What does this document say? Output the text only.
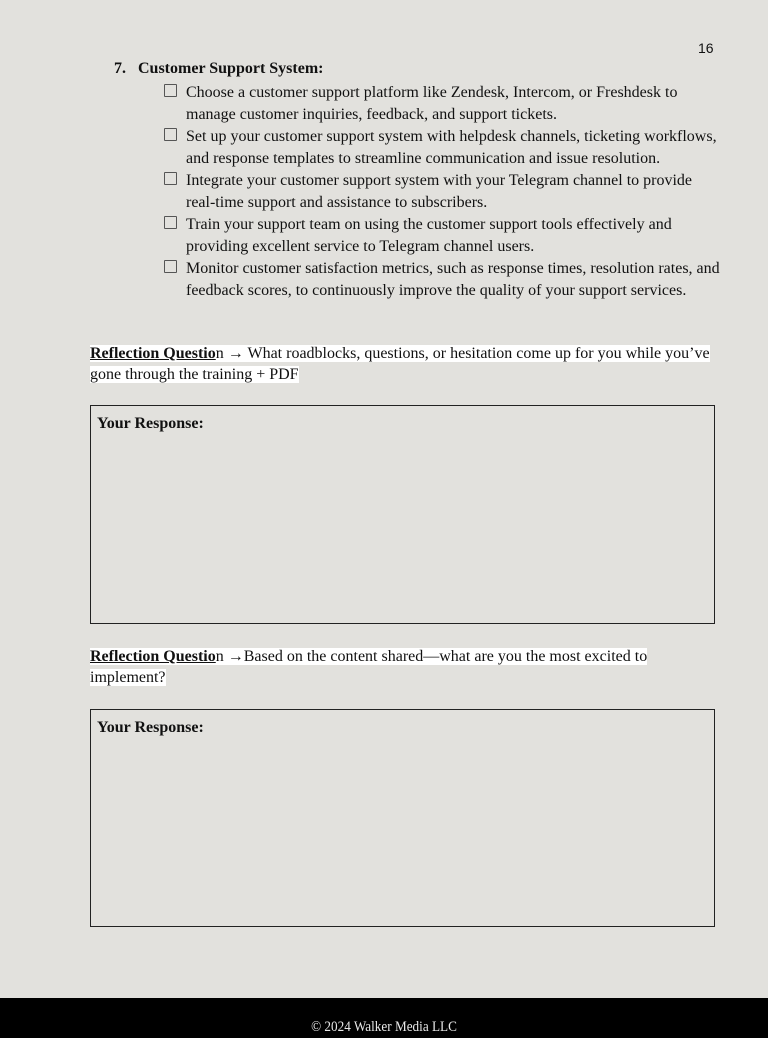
16
7. Customer Support System:
Choose a customer support platform like Zendesk, Intercom, or Freshdesk to manage customer inquiries, feedback, and support tickets.
Set up your customer support system with helpdesk channels, ticketing workflows, and response templates to streamline communication and issue resolution.
Integrate your customer support system with your Telegram channel to provide real-time support and assistance to subscribers.
Train your support team on using the customer support tools effectively and providing excellent service to Telegram channel users.
Monitor customer satisfaction metrics, such as response times, resolution rates, and feedback scores, to continuously improve the quality of your support services.
Reflection Question → What roadblocks, questions, or hesitation come up for you while you’ve gone through the training + PDF
Your Response:
Reflection Question →Based on the content shared—what are you the most excited to implement?
Your Response:
© 2024 Walker Media LLC
